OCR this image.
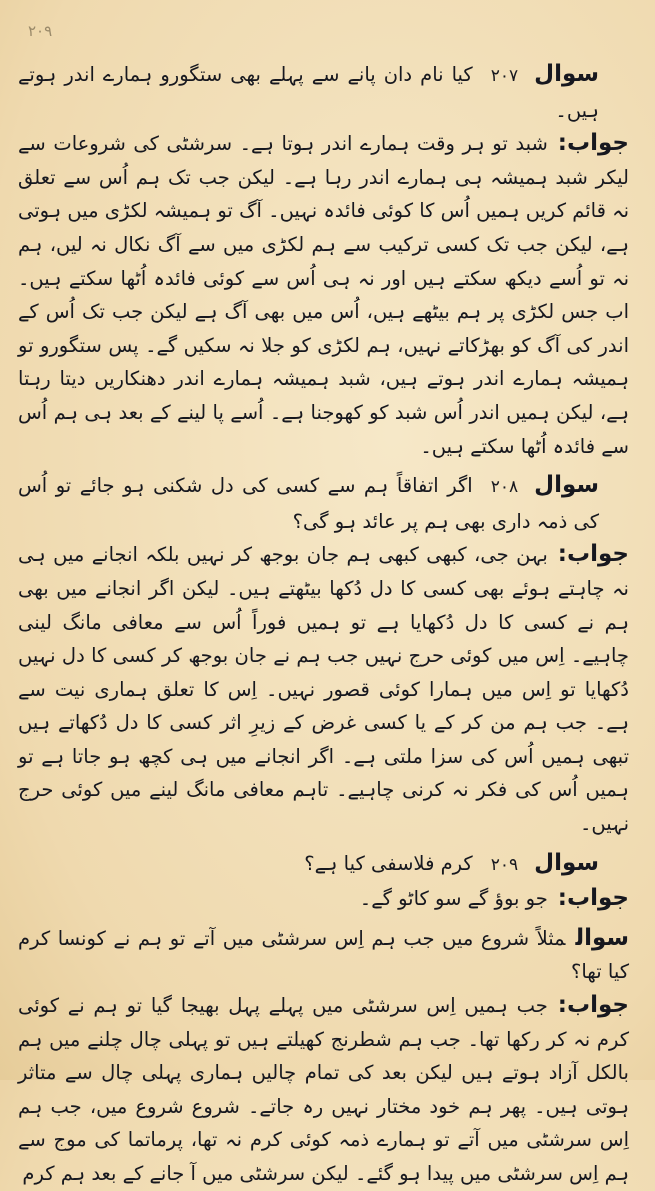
۲۰۹

سوال۲۰۷کیا نام دان پانے سے پہلے بھی ستگورو ہمارے اندر ہوتے ہیں۔

جواب:شبد تو ہر وقت ہمارے اندر ہوتا ہے۔ سرشٹی کی شروعات سے لیکر شبد ہمیشہ ہی ہمارے اندر رہا ہے۔ لیکن جب تک ہم اُس سے تعلق نہ قائم کریں ہمیں اُس کا کوئی فائدہ نہیں۔ آگ تو ہمیشہ لکڑی میں ہوتی ہے، لیکن جب تک کسی ترکیب سے ہم لکڑی میں سے آگ نکال نہ لیں، ہم نہ تو اُسے دیکھ سکتے ہیں اور نہ ہی اُس سے کوئی فائدہ اُٹھا سکتے ہیں۔ اب جس لکڑی پر ہم بیٹھے ہیں، اُس میں بھی آگ ہے لیکن جب تک اُس کے اندر کی آگ کو بھڑکاتے نہیں، ہم لکڑی کو جلا نہ سکیں گے۔ پس ستگورو تو ہمیشہ ہمارے اندر ہوتے ہیں، شبد ہمیشہ ہمارے اندر دھنکاریں دیتا رہتا ہے، لیکن ہمیں اندر اُس شبد کو کھوجنا ہے۔ اُسے پا لینے کے بعد ہی ہم اُس سے فائدہ اُٹھا سکتے ہیں۔

سوال۲۰۸اگر اتفاقاً ہم سے کسی کی دل شکنی ہو جائے تو اُس کی ذمہ داری بھی ہم پر عائد ہو گی؟

جواب:بہن جی، کبھی کبھی ہم جان بوجھ کر نہیں بلکہ انجانے میں ہی نہ چاہتے ہوئے بھی کسی کا دل دُکھا بیٹھتے ہیں۔ لیکن اگر انجانے میں بھی ہم نے کسی کا دل دُکھایا ہے تو ہمیں فوراً اُس سے معافی مانگ لینی چاہیے۔ اِس میں کوئی حرج نہیں جب ہم نے جان بوجھ کر کسی کا دل نہیں دُکھایا تو اِس میں ہمارا کوئی قصور نہیں۔ اِس کا تعلق ہماری نیت سے ہے۔ جب ہم من کر کے یا کسی غرض کے زیرِ اثر کسی کا دل دُکھاتے ہیں تبھی ہمیں اُس کی سزا ملتی ہے۔ اگر انجانے میں ہی کچھ ہو جاتا ہے تو ہمیں اُس کی فکر نہ کرنی چاہیے۔ تاہم معافی مانگ لینے میں کوئی حرج نہیں۔

سوال۲۰۹کرم فلاسفی کیا ہے؟

جواب:جو بوؤ گے سو کاٹو گے۔

سوالمثلاً شروع میں جب ہم اِس سرشٹی میں آتے تو ہم نے کونسا کرم کیا تھا؟

جواب:جب ہمیں اِس سرشٹی میں پہلے پہل بھیجا گیا تو ہم نے کوئی کرم نہ کر رکھا تھا۔ جب ہم شطرنج کھیلتے ہیں تو پہلی چال چلنے میں ہم بالکل آزاد ہوتے ہیں لیکن بعد کی تمام چالیں ہماری پہلی چال سے متاثر ہوتی ہیں۔ پھر ہم خود مختار نہیں رہ جاتے۔ شروع شروع میں، جب ہم اِس سرشٹی میں آتے تو ہمارے ذمہ کوئی کرم نہ تھا، پرماتما کی موج سے ہم اِس سرشٹی میں پیدا ہو گئے۔ لیکن سرشٹی میں آ جانے کے بعد ہم کرم
